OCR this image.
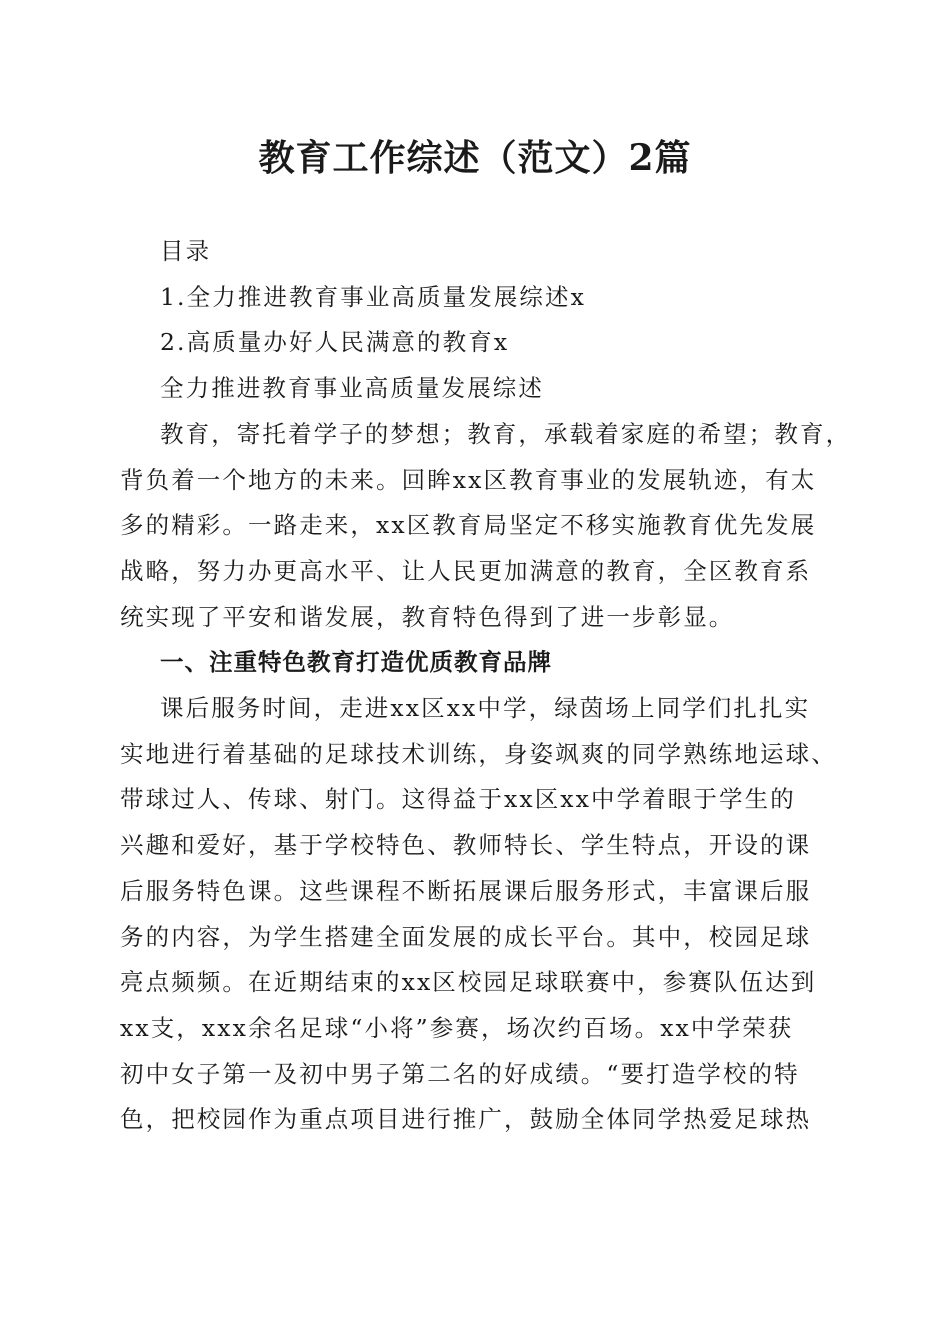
教育工作综述（范文）2篇

目录

1.全力推进教育事业高质量发展综述x

2.高质量办好人民满意的教育x

全力推进教育事业高质量发展综述

教育，寄托着学子的梦想；教育，承载着家庭的希望；教育，

背负着一个地方的未来。回眸xx区教育事业的发展轨迹，有太

多的精彩。一路走来，xx区教育局坚定不移实施教育优先发展

战略，努力办更高水平、让人民更加满意的教育，全区教育系

统实现了平安和谐发展，教育特色得到了进一步彰显。

一、注重特色教育打造优质教育品牌

课后服务时间，走进xx区xx中学，绿茵场上同学们扎扎实

实地进行着基础的足球技术训练，身姿飒爽的同学熟练地运球、

带球过人、传球、射门。这得益于xx区xx中学着眼于学生的

兴趣和爱好，基于学校特色、教师特长、学生特点，开设的课

后服务特色课。这些课程不断拓展课后服务形式，丰富课后服

务的内容，为学生搭建全面发展的成长平台。其中，校园足球

亮点频频。在近期结束的xx区校园足球联赛中，参赛队伍达到

xx支，xxx余名足球“小将”参赛，场次约百场。xx中学荣获

初中女子第一及初中男子第二名的好成绩。“要打造学校的特

色，把校园作为重点项目进行推广，鼓励全体同学热爱足球热
